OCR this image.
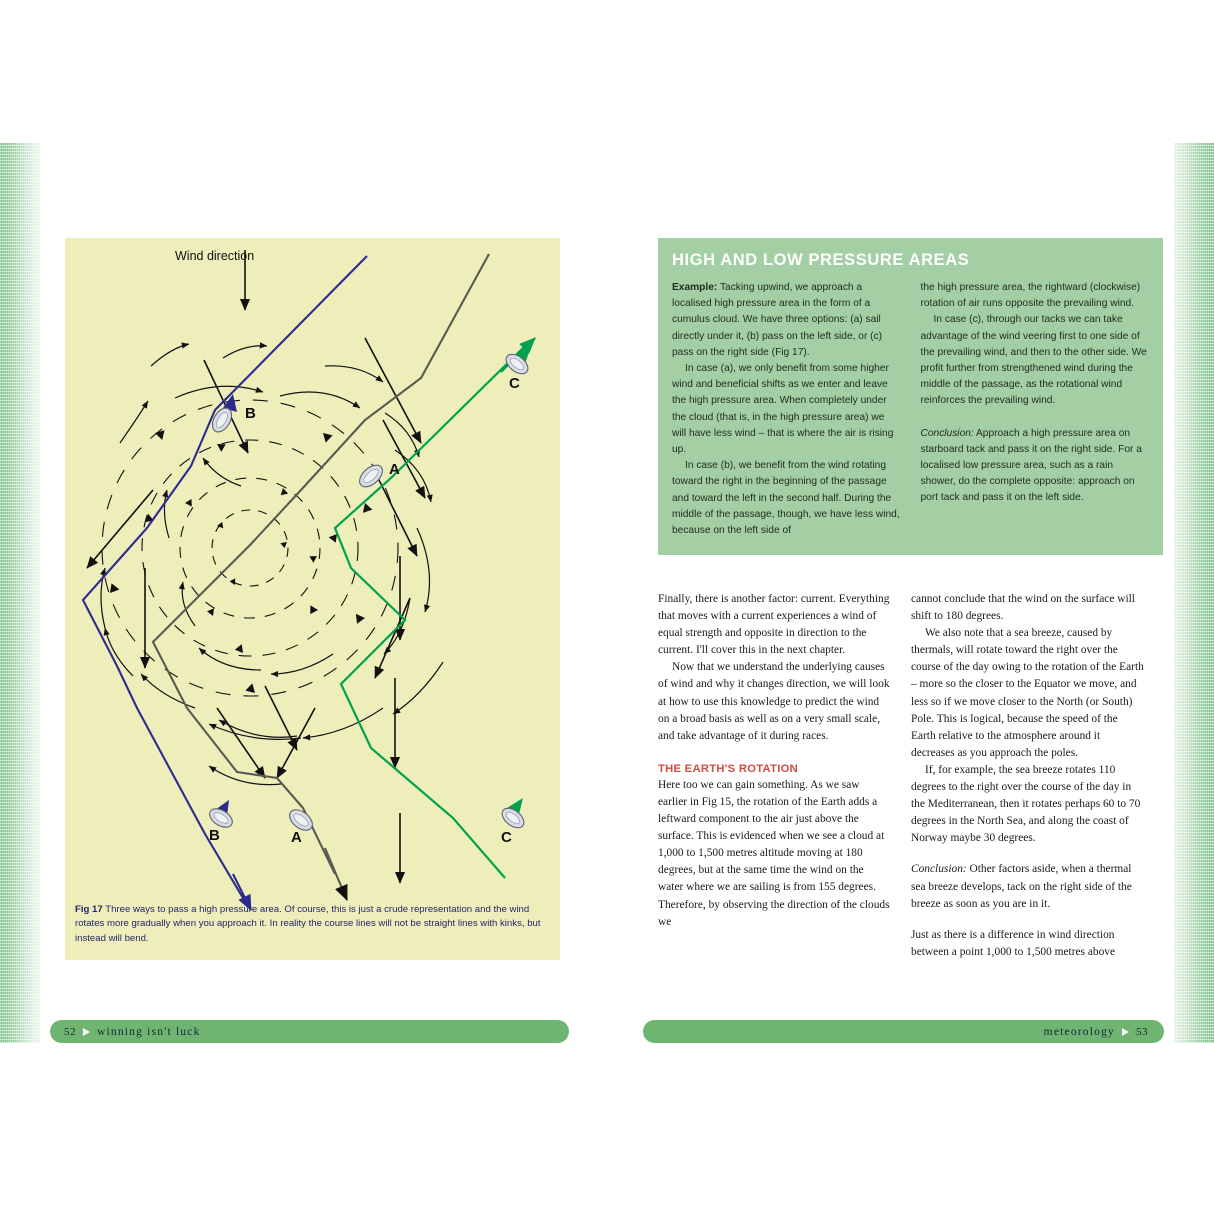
B
A
C
B	A	C
Wind direction
Fig 17 Three ways to pass a high pressure area. Of course, this is just a crude representation and the wind rotates more gradually when you approach it. In reality the course lines will not be straight lines with kinks, but instead will bend.
52 winning isn't luck
HIGH AND LOW PRESSURE AREAS

Example: Tacking upwind, we approach a localised high pressure area in the form of a cumulus cloud. We have three options: (a) sail directly under it, (b) pass on the left side, or (c) pass on the right side (Fig 17).

In case (a), we only benefit from some higher wind and beneficial shifts as we enter and leave the high pressure area. When completely under the cloud (that is, in the high pressure area) we will have less wind – that is where the air is rising up.

In case (b), we benefit from the wind rotating toward the right in the beginning of the passage and toward the left in the second half. During the middle of the passage, though, we have less wind, because on the left side of

the high pressure area, the rightward (clockwise) rotation of air runs opposite the prevailing wind.

In case (c), through our tacks we can take advantage of the wind veering first to one side of the prevailing wind, and then to the other side. We profit further from strengthened wind during the middle of the passage, as the rotational wind reinforces the prevailing wind.

Conclusion: Approach a high pressure area on starboard tack and pass it on the right side. For a localised low pressure area, such as a rain shower, do the complete opposite: approach on port tack and pass it on the left side.

Finally, there is another factor: current. Everything that moves with a current experiences a wind of equal strength and opposite in direction to the current. I'll cover this in the next chapter.

Now that we understand the underlying causes of wind and why it changes direction, we will look at how to use this knowledge to predict the wind on a broad basis as well as on a very small scale, and take advantage of it during races.

THE EARTH'S ROTATION

Here too we can gain something. As we saw earlier in Fig 15, the rotation of the Earth adds a leftward component to the air just above the surface. This is evidenced when we see a cloud at 1,000 to 1,500 metres altitude moving at 180 degrees, but at the same time the wind on the water where we are sailing is from 155 degrees. Therefore, by observing the direction of the clouds we

cannot conclude that the wind on the surface will shift to 180 degrees.

We also note that a sea breeze, caused by thermals, will rotate toward the right over the course of the day owing to the rotation of the Earth – more so the closer to the Equator we move, and less so if we move closer to the North (or South) Pole. This is logical, because the speed of the Earth relative to the atmosphere around it decreases as you approach the poles.

If, for example, the sea breeze rotates 110 degrees to the right over the course of the day in the Mediterranean, then it rotates perhaps 60 to 70 degrees in the North Sea, and along the coast of Norway maybe 30 degrees.

Conclusion: Other factors aside, when a thermal sea breeze develops, tack on the right side of the breeze as soon as you are in it.

Just as there is a difference in wind direction between a point 1,000 to 1,500 metres above

meteorology 53
